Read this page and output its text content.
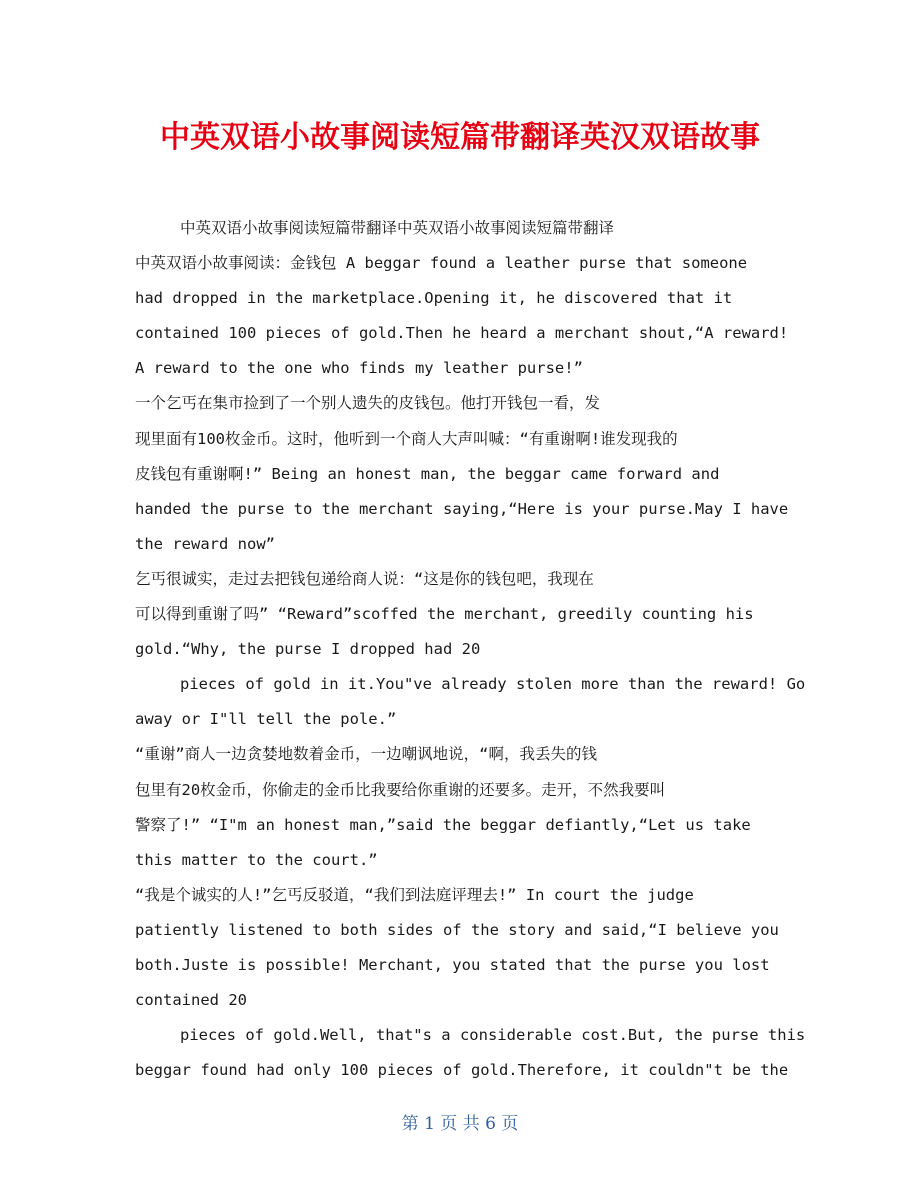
中英双语小故事阅读短篇带翻译英汉双语故事
中英双语小故事阅读短篇带翻译中英双语小故事阅读短篇带翻译
中英双语小故事阅读：金钱包 A beggar found a leather purse that someone
had dropped in the marketplace.Opening it, he discovered that it
contained 100 pieces of gold.Then he heard a merchant shout,“A reward!
A reward to the one who finds my leather purse!”
一个乞丐在集市捡到了一个别人遗失的皮钱包。他打开钱包一看，发
现里面有100枚金币。这时，他听到一个商人大声叫喊：“有重谢啊!谁发现我的
皮钱包有重谢啊!” Being an honest man, the beggar came forward and
handed the purse to the merchant saying,“Here is your purse.May I have
the reward now”
乞丐很诚实，走过去把钱包递给商人说：“这是你的钱包吧，我现在
可以得到重谢了吗” “Reward”scoffed the merchant, greedily counting his
gold.“Why, the purse I dropped had 20
pieces of gold in it.You"ve already stolen more than the reward! Go
away or I"ll tell the pole.”
“重谢”商人一边贪婪地数着金币，一边嘲讽地说，“啊，我丢失的钱
包里有20枚金币，你偷走的金币比我要给你重谢的还要多。走开，不然我要叫
警察了!” “I"m an honest man,”said the beggar defiantly,“Let us take
this matter to the court.”
“我是个诚实的人!”乞丐反驳道，“我们到法庭评理去!” In court the judge
patiently listened to both sides of the story and said,“I believe you
both.Juste is possible! Merchant, you stated that the purse you lost
contained 20
pieces of gold.Well, that"s a considerable cost.But, the purse this
beggar found had only 100 pieces of gold.Therefore, it couldn"t be the
第 1 页 共 6 页
